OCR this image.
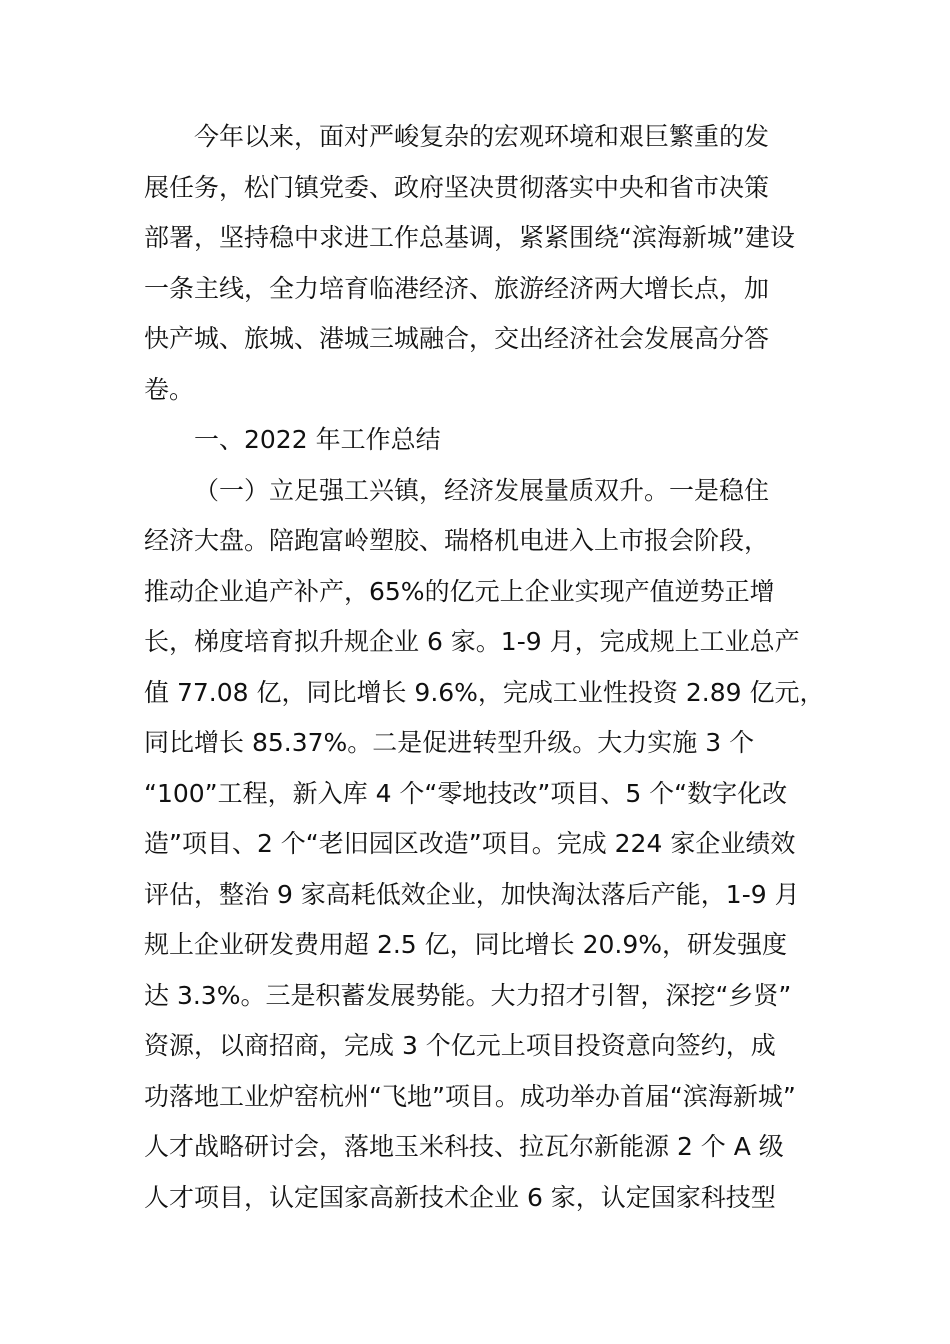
今年以来，面对严峻复杂的宏观环境和艰巨繁重的发
展任务，松门镇党委、政府坚决贯彻落实中央和省市决策
部署，坚持稳中求进工作总基调，紧紧围绕“滨海新城”建设
一条主线，全力培育临港经济、旅游经济两大增长点，加
快产城、旅城、港城三城融合，交出经济社会发展高分答
卷。
一、2022 年工作总结
（一）立足强工兴镇，经济发展量质双升。一是稳住
经济大盘。陪跑富岭塑胶、瑞格机电进入上市报会阶段，
推动企业追产补产，65%的亿元上企业实现产值逆势正增
长，梯度培育拟升规企业 6 家。1-9 月，完成规上工业总产
值 77.08 亿，同比增长 9.6%，完成工业性投资 2.89 亿元，
同比增长 85.37%。二是促进转型升级。大力实施 3 个
“100”工程，新入库 4 个“零地技改”项目、5 个“数字化改
造”项目、2 个“老旧园区改造”项目。完成 224 家企业绩效
评估，整治 9 家高耗低效企业，加快淘汰落后产能，1-9 月
规上企业研发费用超 2.5 亿，同比增长 20.9%，研发强度
达 3.3%。三是积蓄发展势能。大力招才引智，深挖“乡贤”
资源，以商招商，完成 3 个亿元上项目投资意向签约，成
功落地工业炉窑杭州“飞地”项目。成功举办首届“滨海新城”
人才战略研讨会，落地玉米科技、拉瓦尔新能源 2 个 A 级
人才项目，认定国家高新技术企业 6 家，认定国家科技型
